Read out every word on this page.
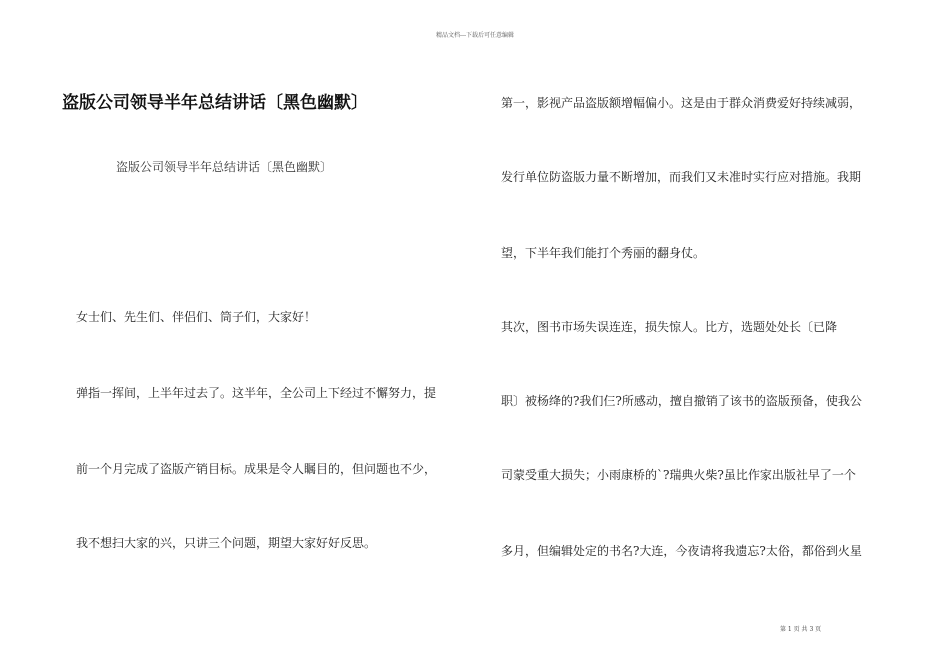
精品文档---下载后可任意编辑
盗版公司领导半年总结讲话〔黑色幽默〕
盗版公司领导半年总结讲话〔黑色幽默〕
女士们、先生们、伴侣们、筒子们，大家好！
弹指一挥间，上半年过去了。这半年，全公司上下经过不懈努力，提
前一个月完成了盗版产销目标。成果是令人瞩目的，但问题也不少，
我不想扫大家的兴，只讲三个问题，期望大家好好反思。
第一，影视产品盗版额增幅偏小。这是由于群众消费爱好持续减弱，
发行单位防盗版力量不断增加，而我们又未准时实行应对措施。我期
望，下半年我们能打个秀丽的翻身仗。
其次，图书市场失误连连，损失惊人。比方，选题处处长〔已降
职〕被杨绛的?我们仨?所感动，擅自撤销了该书的盗版预备，使我公
司蒙受重大损失；小雨康桥的`?瑞典火柴?虽比作家出版社早了一个
多月，但编辑处定的书名?大连，今夜请将我遗忘?太俗，都俗到火星
第 1 页 共 3 页
